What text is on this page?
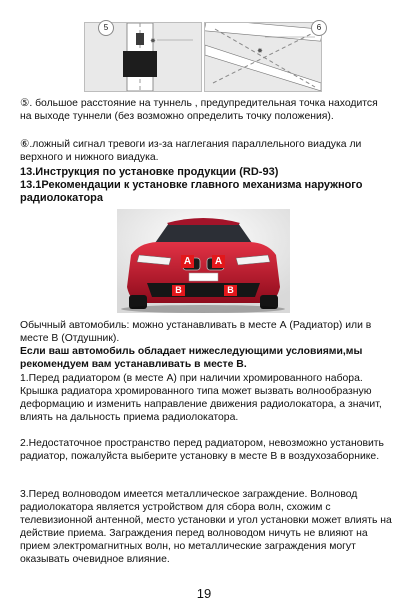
✸
✸
5	6
⑤. большое расстояние на туннель , предупредительная точка находится на выходе туннели (без возможно определить точку положения).
⑥.ложный сигнал тревоги из-за наглегания параллельного виадука ли верхного и нижного виадука.
13.Инструкция по установке продукции (RD-93)
13.1Рекомендации к установке главного механизма наружного радиолокатора
A A
B	B
Обычный автомобиль: можно устанавливать в месте А (Радиатор) или в месте В (Отдушник).
Если ваш автомобиль обладает нижеследующими условиями,мы рекомендуем вам устанавливать в месте В.
1.Перед радиатором (в месте А) при наличии хромированного набора. Крышка радиатора хромированного типа может вызвать волнообразную деформацию и изменить направление движения радиолокатора, а значит, влиять на дальность приема радиолокатора.
2.Недостаточное пространство перед радиатором, невозможно установить радиатор, пожалуйста выберите установку в месте В в воздухозаборнике.
3.Перед волноводом имеется металлическое заграждение. Волновод радиолокатора является устройством для сбора волн, схожим с телевизионной антенной, место установки и угол установки может влиять на действие приема. Заграждения перед волноводом ничуть не влияют на прием электромагнитных волн, но металлические заграждения могут оказывать очевидное влияние.
19
